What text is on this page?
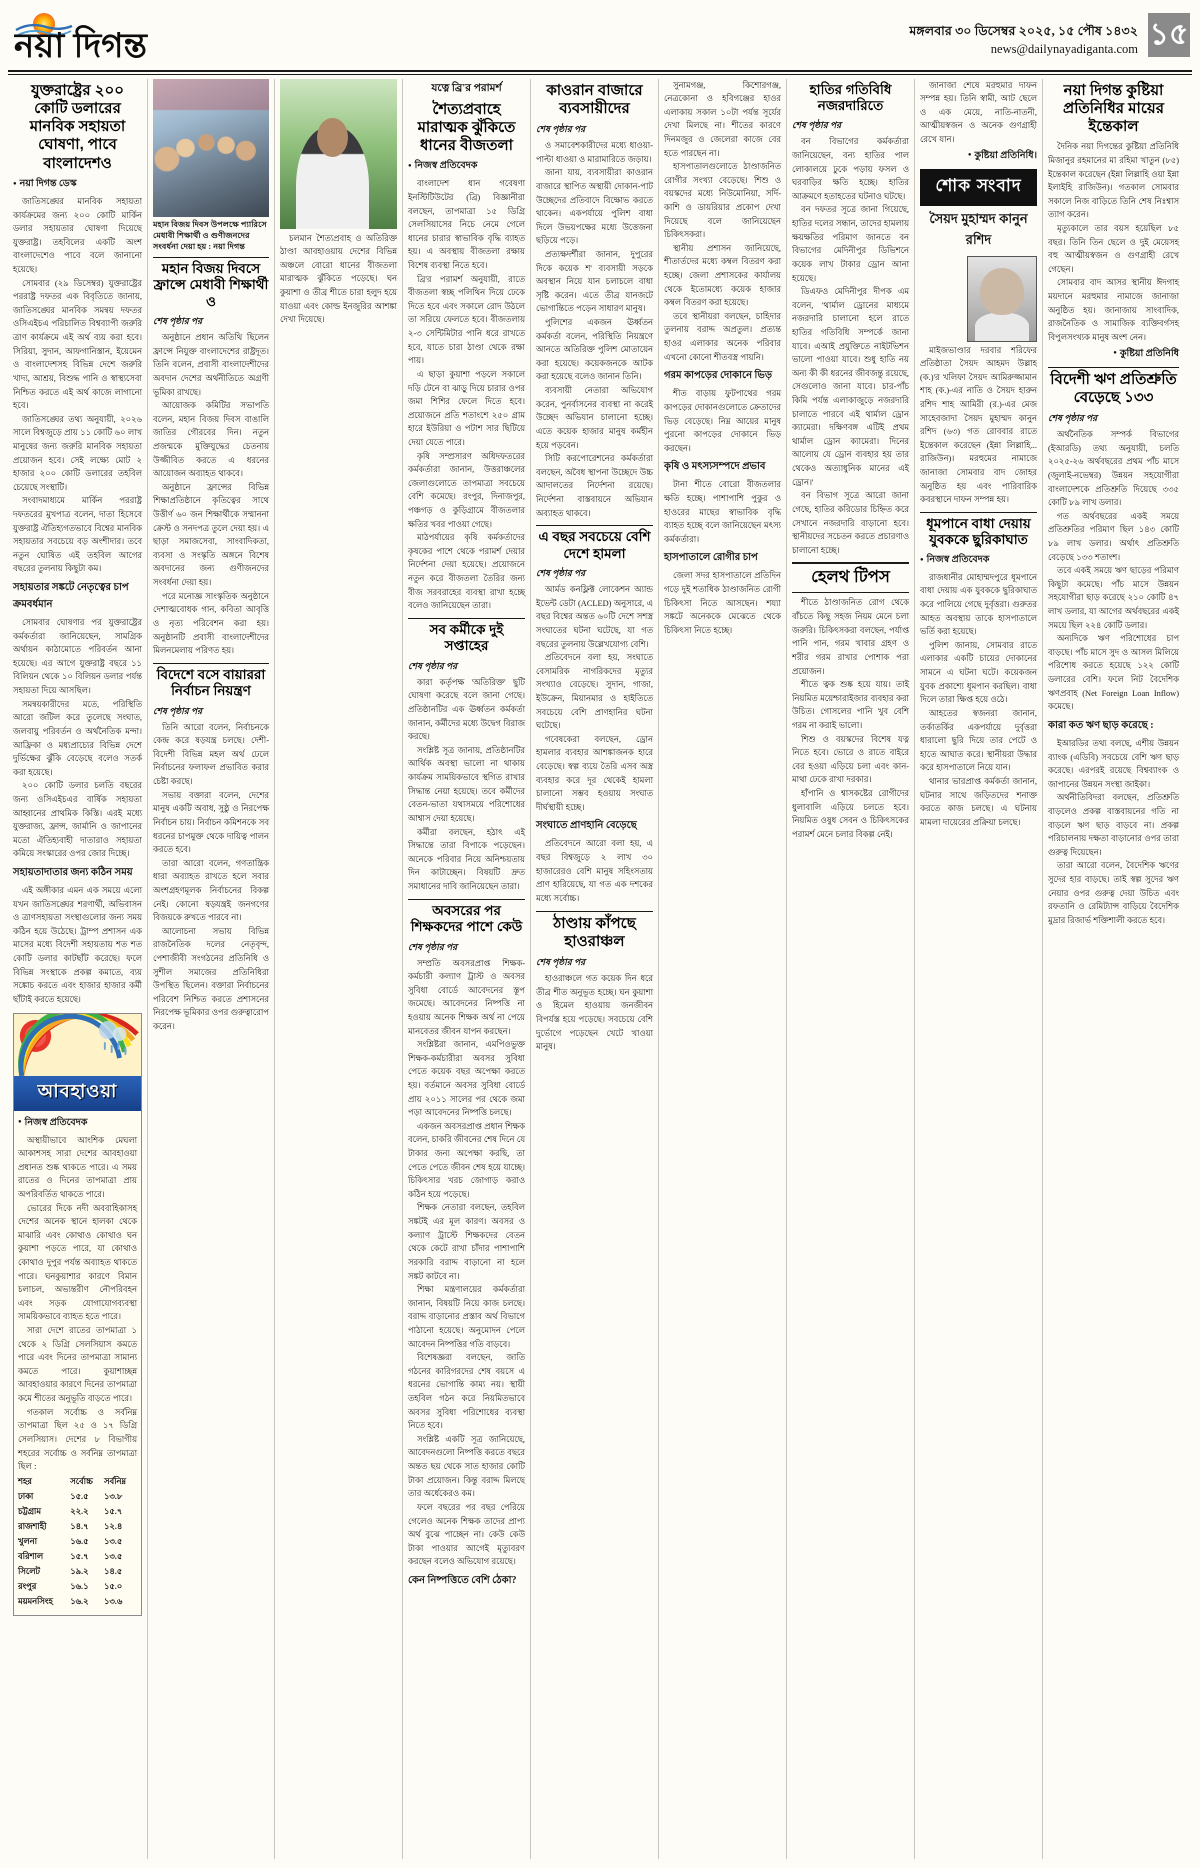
নয়া দিগন্ত	মঙ্গলবার ৩০ ডিসেম্বর ২০২৫, ১৫ পৌষ ১৪৩২
news@dailynayadiganta.com ১৫
যুক্তরাষ্ট্রের ২০০ কোটি ডলারের মানবিক সহায়তা ঘোষণা, পাবে বাংলাদেশও
● নয়া দিগন্ত ডেস্ক

জাতিসঙ্ঘের মানবিক সহায়তা কার্যক্রমের জন্য ২০০ কোটি মার্কিন ডলার সহায়তার ঘোষণা দিয়েছে যুক্তরাষ্ট্র। তহবিলের একটি অংশ বাংলাদেশেও পাবে বলে জানানো হয়েছে।

সোমবার (২৯ ডিসেম্বর) যুক্তরাষ্ট্রের পররাষ্ট্র দফতর এক বিবৃতিতে জানায়, জাতিসঙ্ঘের মানবিক সমন্বয় দফতর ওসিএইচএ পরিচালিত বিশ্বব্যাপী জরুরি ত্রাণ কার্যক্রমে এই অর্থ ব্যয় করা হবে। সিরিয়া, সুদান, আফগানিস্তান, ইয়েমেন ও বাংলাদেশসহ বিভিন্ন দেশে জরুরি খাদ্য, আশ্রয়, বিশুদ্ধ পানি ও স্বাস্থ্যসেবা নিশ্চিত করতে এই অর্থ কাজে লাগানো হবে।

জাতিসঙ্ঘের তথ্য অনুযায়ী, ২০২৬ সালে বিশ্বজুড়ে প্রায় ১১ কোটি ৬০ লাখ মানুষের জন্য জরুরি মানবিক সহায়তা প্রয়োজন হবে। সেই লক্ষ্যে মোট ২ হাজার ২০০ কোটি ডলারের তহবিল চেয়েছে সংস্থাটি।

সংবাদমাধ্যমে মার্কিন পররাষ্ট্র দফতরের মুখপাত্র বলেন, দাতা হিসেবে যুক্তরাষ্ট্র ঐতিহ্যগতভাবে বিশ্বের মানবিক সহায়তার সবচেয়ে বড় অংশীদার। তবে নতুন ঘোষিত এই তহবিল আগের বছরের তুলনায় কিছুটা কম।

সহায়তার সঙ্কটে নেতৃত্বের চাপ ক্রমবর্ধমান

সোমবার ঘোষণার পর যুক্তরাষ্ট্রের কর্মকর্তারা জানিয়েছেন, সামগ্রিক অর্থায়ন কাঠামোতে পরিবর্তন আনা হয়েছে। এর আগে যুক্তরাষ্ট্র বছরে ১১ বিলিয়ন থেকে ১০ বিলিয়ন ডলার পর্যন্ত সহায়তা দিয়ে আসছিল।

সমন্বয়কারীদের মতে, পরিস্থিতি আরো জটিল করে তুলেছে সংঘাত, জলবায়ু পরিবর্তন ও অর্থনৈতিক মন্দা। আফ্রিকা ও মধ্যপ্রাচ্যের বিভিন্ন দেশে দুর্ভিক্ষের ঝুঁকি বেড়েছে বলেও সতর্ক করা হয়েছে।

২০০ কোটি ডলার চলতি বছরের জন্য ওসিএইচএর বার্ষিক সহায়তা আহ্বানের প্রাথমিক কিস্তি। এরই মধ্যে যুক্তরাজ্য, ফ্রান্স, জার্মানি ও জাপানের মতো ঐতিহ্যবাহী দাতারাও সহায়তা কমিয়ে সংস্কারের ওপর জোর দিচ্ছে।

সহায়তাদাতার জন্য কঠিন সময়

এই অঙ্গীকার এমন এক সময়ে এলো যখন জাতিসঙ্ঘের শরণার্থী, অভিবাসন ও ত্রাণসহায়তা সংস্থাগুলোর জন্য সময় কঠিন হয়ে উঠেছে। ট্রাম্প প্রশাসন এক মাসের মধ্যে বিদেশী সহায়তায় শত শত কোটি ডলার কাটছাঁট করেছে। ফলে বিভিন্ন সংস্থাকে প্রকল্প কমাতে, ব্যয় সঙ্কোচ করতে এবং হাজার হাজার কর্মী ছাঁটাই করতে হয়েছে।

আবহাওয়া
● নিজস্ব প্রতিবেদক

অস্থায়ীভাবে আংশিক মেঘলা আকাশসহ সারা দেশের আবহাওয়া প্রধানত শুষ্ক থাকতে পারে। এ সময় রাতের ও দিনের তাপমাত্রা প্রায় অপরিবর্তিত থাকতে পারে।

ভোরের দিকে নদী অববাহিকাসহ দেশের অনেক স্থানে হালকা থেকে মাঝারি এবং কোথাও কোথাও ঘন কুয়াশা পড়তে পারে, যা কোথাও কোথাও দুপুর পর্যন্ত অব্যাহত থাকতে পারে। ঘনকুয়াশার কারণে বিমান চলাচল, অভ্যন্তরীণ নৌপরিবহন এবং সড়ক যোগাযোগব্যবস্থা সাময়িকভাবে ব্যাহত হতে পারে।

সারা দেশে রাতের তাপমাত্রা ১ থেকে ২ ডিগ্রি সেলসিয়াস কমতে পারে এবং দিনের তাপমাত্রা সামান্য কমতে পারে। কুয়াশাচ্ছন্ন আবহাওয়ার কারণে দিনের তাপমাত্রা কমে শীতের অনুভূতি বাড়তে পারে।

গতকাল সর্বোচ্চ ও সর্বনিম্ন তাপমাত্রা ছিল ২৫ ও ১৭ ডিগ্রি সেলসিয়াস। দেশের ৮ বিভাগীয় শহরের সর্বোচ্চ ও সর্বনিম্ন তাপমাত্রা ছিল :

শহর	সর্বোচ্চ	সর্বনিম্ন
ঢাকা	১৫.৫	১৩.৮
চট্টগ্রাম	২২.২	১৫.৭
রাজশাহী	১৪.৭	১২.৪
খুলনা	১৬.৫	১৩.৫
বরিশাল	১৫.৭	১৩.৫
সিলেট	১৯.২	১৪.৫
রংপুর	১৬.১	১৫.০
ময়মনসিংহ	১৬.২	১৩.৬
মহান বিজয় দিবস উপলক্ষে প্যারিসে মেধাবী শিক্ষার্থী ও গুণীজনদের সংবর্ধনা দেয়া হয় : নয়া দিগন্ত
মহান বিজয় দিবসে ফ্রান্সে মেধাবী শিক্ষার্থী ও
শেষ পৃষ্ঠার পর

অনুষ্ঠানে প্রধান অতিথি ছিলেন ফ্রান্সে নিযুক্ত বাংলাদেশের রাষ্ট্রদূত। তিনি বলেন, প্রবাসী বাংলাদেশীদের অবদান দেশের অর্থনীতিতে অগ্রণী ভূমিকা রাখছে।

আয়োজক কমিটির সভাপতি বলেন, মহান বিজয় দিবস বাঙালি জাতির গৌরবের দিন। নতুন প্রজন্মকে মুক্তিযুদ্ধের চেতনায় উজ্জীবিত করতে এ ধরনের আয়োজন অব্যাহত থাকবে।

অনুষ্ঠানে ফ্রান্সের বিভিন্ন শিক্ষাপ্রতিষ্ঠানে কৃতিত্বের সাথে উত্তীর্ণ ৬০ জন শিক্ষার্থীকে সম্মাননা ক্রেস্ট ও সনদপত্র তুলে দেয়া হয়। এ ছাড়া সমাজসেবা, সাংবাদিকতা, ব্যবসা ও সংস্কৃতি অঙ্গনে বিশেষ অবদানের জন্য গুণীজনদের সংবর্ধনা দেয়া হয়।

পরে মনোজ্ঞ সাংস্কৃতিক অনুষ্ঠানে দেশাত্মবোধক গান, কবিতা আবৃত্তি ও নৃত্য পরিবেশন করা হয়। অনুষ্ঠানটি প্রবাসী বাংলাদেশীদের মিলনমেলায় পরিণত হয়।

বিদেশে বসে বায়াররা নির্বাচন নিয়ন্ত্রণ
শেষ পৃষ্ঠার পর

তিনি আরো বলেন, নির্বাচনকে কেন্দ্র করে ষড়যন্ত্র চলছে। দেশী-বিদেশী বিভিন্ন মহল অর্থ ঢেলে নির্বাচনের ফলাফল প্রভাবিত করার চেষ্টা করছে।

সভায় বক্তারা বলেন, দেশের মানুষ একটি অবাধ, সুষ্ঠু ও নিরপেক্ষ নির্বাচন চায়। নির্বাচন কমিশনকে সব ধরনের চাপমুক্ত থেকে দায়িত্ব পালন করতে হবে।

তারা আরো বলেন, গণতান্ত্রিক ধারা অব্যাহত রাখতে হলে সবার অংশগ্রহণমূলক নির্বাচনের বিকল্প নেই। কোনো ষড়যন্ত্রই জনগণের বিজয়কে রুখতে পারবে না।

আলোচনা সভায় বিভিন্ন রাজনৈতিক দলের নেতৃবৃন্দ, পেশাজীবী সংগঠনের প্রতিনিধি ও সুশীল সমাজের প্রতিনিধিরা উপস্থিত ছিলেন। বক্তারা নির্বাচনের পরিবেশ নিশ্চিত করতে প্রশাসনের নিরপেক্ষ ভূমিকার ওপর গুরুত্বারোপ করেন।

চলমান শৈত্যপ্রবাহ ও অতিরিক্ত ঠাণ্ডা আবহাওয়ায় দেশের বিভিন্ন অঞ্চলে বোরো ধানের বীজতলা মারাত্মক ঝুঁকিতে পড়েছে। ঘন কুয়াশা ও তীব্র শীতে চারা হলুদ হয়ে যাওয়া এবং কোল্ড ইনজুরির আশঙ্কা দেখা দিয়েছে।

যত্নে ব্রি'র পরামর্শ
শৈত্যপ্রবাহে মারাত্মক ঝুঁকিতে ধানের বীজতলা
● নিজস্ব প্রতিবেদক

বাংলাদেশ ধান গবেষণা ইনস্টিটিউটের (ব্রি) বিজ্ঞানীরা বলছেন, তাপমাত্রা ১৫ ডিগ্রি সেলসিয়াসের নিচে নেমে গেলে ধানের চারার স্বাভাবিক বৃদ্ধি ব্যাহত হয়। এ অবস্থায় বীজতলা রক্ষায় বিশেষ ব্যবস্থা নিতে হবে।

ব্রি'র পরামর্শ অনুযায়ী, রাতে বীজতলা স্বচ্ছ পলিথিন দিয়ে ঢেকে দিতে হবে এবং সকালে রোদ উঠলে তা সরিয়ে ফেলতে হবে। বীজতলায় ২-৩ সেন্টিমিটার পানি ধরে রাখতে হবে, যাতে চারা ঠাণ্ডা থেকে রক্ষা পায়।

এ ছাড়া কুয়াশা পড়লে সকালে দড়ি টেনে বা ঝাড়ু দিয়ে চারার ওপর জমা শিশির ফেলে দিতে হবে। প্রয়োজনে প্রতি শতাংশে ২৫০ গ্রাম হারে ইউরিয়া ও পটাশ সার ছিটিয়ে দেয়া যেতে পারে।

কৃষি সম্প্রসারণ অধিদফতরের কর্মকর্তারা জানান, উত্তরাঞ্চলের জেলাগুলোতে তাপমাত্রা সবচেয়ে বেশি কমেছে। রংপুর, দিনাজপুর, পঞ্চগড় ও কুড়িগ্রামে বীজতলার ক্ষতির খবর পাওয়া গেছে।

মাঠপর্যায়ের কৃষি কর্মকর্তাদের কৃষকের পাশে থেকে পরামর্শ দেয়ার নির্দেশনা দেয়া হয়েছে। প্রয়োজনে নতুন করে বীজতলা তৈরির জন্য বীজ সরবরাহের ব্যবস্থা রাখা হচ্ছে বলেও জানিয়েছেন তারা।

সব কর্মীকে দুই সপ্তাহের
শেষ পৃষ্ঠার পর

কারা কর্তৃপক্ষ 'অতিরিক্ত' ছুটি ঘোষণা করেছে বলে জানা গেছে। প্রতিষ্ঠানটির এক ঊর্ধ্বতন কর্মকর্তা জানান, কর্মীদের মধ্যে উদ্বেগ বিরাজ করছে।

সংশ্লিষ্ট সূত্র জানায়, প্রতিষ্ঠানটির আর্থিক অবস্থা ভালো না থাকায় কার্যক্রম সাময়িকভাবে স্থগিত রাখার সিদ্ধান্ত নেয়া হয়েছে। তবে কর্মীদের বেতন-ভাতা যথাসময়ে পরিশোধের আশ্বাস দেয়া হয়েছে।

কর্মীরা বলছেন, হঠাৎ এই সিদ্ধান্তে তারা বিপাকে পড়েছেন। অনেকে পরিবার নিয়ে অনিশ্চয়তায় দিন কাটাচ্ছেন। বিষয়টি দ্রুত সমাধানের দাবি জানিয়েছেন তারা।

অবসরের পর শিক্ষকদের পাশে কেউ
শেষ পৃষ্ঠার পর

সম্প্রতি অবসরপ্রাপ্ত শিক্ষক-কর্মচারী কল্যাণ ট্রাস্ট ও অবসর সুবিধা বোর্ডে আবেদনের স্তূপ জমেছে। আবেদনের নিষ্পত্তি না হওয়ায় অনেক শিক্ষক অর্থ না পেয়ে মানবেতর জীবন যাপন করছেন।

সংশ্লিষ্টরা জানান, এমপিওভুক্ত শিক্ষক-কর্মচারীরা অবসর সুবিধা পেতে কয়েক বছর অপেক্ষা করতে হয়। বর্তমানে অবসর সুবিধা বোর্ডে প্রায় ২০১১ সালের পর থেকে জমা পড়া আবেদনের নিষ্পত্তি চলছে।

একজন অবসরপ্রাপ্ত প্রধান শিক্ষক বলেন, চাকরি জীবনের শেষ দিনে যে টাকার জন্য অপেক্ষা করছি, তা পেতে পেতে জীবন শেষ হয়ে যাচ্ছে। চিকিৎসার খরচ জোগাড় করাও কঠিন হয়ে পড়েছে।

শিক্ষক নেতারা বলছেন, তহবিল সঙ্কটই এর মূল কারণ। অবসর ও কল্যাণ ট্রাস্টে শিক্ষকদের বেতন থেকে কেটে রাখা চাঁদার পাশাপাশি সরকারি বরাদ্দ বাড়ানো না হলে সঙ্কট কাটবে না।

শিক্ষা মন্ত্রণালয়ের কর্মকর্তারা জানান, বিষয়টি নিয়ে কাজ চলছে। বরাদ্দ বাড়ানোর প্রস্তাব অর্থ বিভাগে পাঠানো হয়েছে। অনুমোদন পেলে আবেদন নিষ্পত্তির গতি বাড়বে।

বিশেষজ্ঞরা বলছেন, জাতি গঠনের কারিগরদের শেষ বয়সে এ ধরনের ভোগান্তি কাম্য নয়। স্থায়ী তহবিল গঠন করে নিয়মিতভাবে অবসর সুবিধা পরিশোধের ব্যবস্থা নিতে হবে।

সংশ্লিষ্ট একটি সূত্র জানিয়েছে, আবেদনগুলো নিষ্পত্তি করতে বছরে অন্তত ছয় থেকে সাত হাজার কোটি টাকা প্রয়োজন। কিন্তু বরাদ্দ মিলছে তার অর্ধেকেরও কম।

ফলে বছরের পর বছর পেরিয়ে গেলেও অনেক শিক্ষক তাদের প্রাপ্য অর্থ বুঝে পাচ্ছেন না। কেউ কেউ টাকা পাওয়ার আগেই মৃত্যুবরণ করছেন বলেও অভিযোগ রয়েছে।

কেন নিষ্পত্তিতে বেশি ঠেকা?
কাওরান বাজারে ব্যবসায়ীদের
শেষ পৃষ্ঠার পর

ও সমাবেশকারীদের মধ্যে ধাওয়া-পাল্টা ধাওয়া ও মারামারিতে জড়ায়।

জানা যায়, ব্যবসায়ীরা কাওরান বাজারে স্থাপিত অস্থায়ী দোকান-পাট উচ্ছেদের প্রতিবাদে বিক্ষোভ করতে থাকেন। একপর্যায়ে পুলিশ বাধা দিলে উভয়পক্ষের মধ্যে উত্তেজনা ছড়িয়ে পড়ে।

প্রত্যক্ষদর্শীরা জানান, দুপুরের দিকে কয়েক শ' ব্যবসায়ী সড়কে অবস্থান নিয়ে যান চলাচলে বাধা সৃষ্টি করেন। এতে তীব্র যানজটে ভোগান্তিতে পড়েন সাধারণ মানুষ।

পুলিশের একজন ঊর্ধ্বতন কর্মকর্তা বলেন, পরিস্থিতি নিয়ন্ত্রণে আনতে অতিরিক্ত পুলিশ মোতায়েন করা হয়েছে। কয়েকজনকে আটক করা হয়েছে বলেও জানান তিনি।

ব্যবসায়ী নেতারা অভিযোগ করেন, পুনর্বাসনের ব্যবস্থা না করেই উচ্ছেদ অভিযান চালানো হচ্ছে। এতে কয়েক হাজার মানুষ কর্মহীন হয়ে পড়বেন।

সিটি করপোরেশনের কর্মকর্তারা বলছেন, অবৈধ স্থাপনা উচ্ছেদে উচ্চ আদালতের নির্দেশনা রয়েছে। নির্দেশনা বাস্তবায়নে অভিযান অব্যাহত থাকবে।

এ বছর সবচেয়ে বেশি দেশে হামলা
শেষ পৃষ্ঠার পর

আর্মড কনফ্লিক্ট লোকেশন অ্যান্ড ইভেন্ট ডেটা (ACLED) অনুসারে, এ বছর বিশ্বের অন্তত ৬০টি দেশে সশস্ত্র সংঘাতের ঘটনা ঘটেছে, যা গত বছরের তুলনায় উল্লেখযোগ্য বেশি।

প্রতিবেদনে বলা হয়, সংঘাতে বেসামরিক নাগরিকদের মৃত্যুর সংখ্যাও বেড়েছে। সুদান, গাজা, ইউক্রেন, মিয়ানমার ও হাইতিতে সবচেয়ে বেশি প্রাণহানির ঘটনা ঘটেছে।

গবেষকেরা বলছেন, ড্রোন হামলার ব্যবহার আশঙ্কাজনক হারে বেড়েছে। স্বল্প ব্যয়ে তৈরি এসব অস্ত্র ব্যবহার করে দূর থেকেই হামলা চালানো সম্ভব হওয়ায় সংঘাত দীর্ঘস্থায়ী হচ্ছে।

সংঘাতে প্রাণহানি বেড়েছে

প্রতিবেদনে আরো বলা হয়, এ বছর বিশ্বজুড়ে ২ লাখ ৩০ হাজারেরও বেশি মানুষ সহিংসতায় প্রাণ হারিয়েছে, যা গত এক দশকের মধ্যে সর্বোচ্চ।

ঠাণ্ডায় কাঁপছে হাওরাঞ্চল
শেষ পৃষ্ঠার পর

হাওরাঞ্চলে গত কয়েক দিন ধরে তীব্র শীত অনুভূত হচ্ছে। ঘন কুয়াশা ও হিমেল হাওয়ায় জনজীবন বিপর্যস্ত হয়ে পড়েছে। সবচেয়ে বেশি দুর্ভোগে পড়েছেন খেটে খাওয়া মানুষ।

সুনামগঞ্জ, কিশোরগঞ্জ, নেত্রকোনা ও হবিগঞ্জের হাওর এলাকায় সকাল ১০টা পর্যন্ত সূর্যের দেখা মিলছে না। শীতের কারণে দিনমজুর ও জেলেরা কাজে বের হতে পারছেন না।

হাসপাতালগুলোতে ঠাণ্ডাজনিত রোগীর সংখ্যা বেড়েছে। শিশু ও বয়স্কদের মধ্যে নিউমোনিয়া, সর্দি-কাশি ও ডায়রিয়ার প্রকোপ দেখা দিয়েছে বলে জানিয়েছেন চিকিৎসকরা।

স্থানীয় প্রশাসন জানিয়েছে, শীতার্তদের মধ্যে কম্বল বিতরণ করা হচ্ছে। জেলা প্রশাসকের কার্যালয় থেকে ইতোমধ্যে কয়েক হাজার কম্বল বিতরণ করা হয়েছে।

তবে স্থানীয়রা বলছেন, চাহিদার তুলনায় বরাদ্দ অপ্রতুল। প্রত্যন্ত হাওর এলাকার অনেক পরিবার এখনো কোনো শীতবস্ত্র পায়নি।

গরম কাপড়ের দোকানে ভিড়

শীত বাড়ায় ফুটপাথের গরম কাপড়ের দোকানগুলোতে ক্রেতাদের ভিড় বেড়েছে। নিম্ন আয়ের মানুষ পুরনো কাপড়ের দোকানে ভিড় করছেন।

কৃষি ও মৎস্যসম্পদে প্রভাব

টানা শীতে বোরো বীজতলার ক্ষতি হচ্ছে। পাশাপাশি পুকুর ও হাওরের মাছের স্বাভাবিক বৃদ্ধি ব্যাহত হচ্ছে বলে জানিয়েছেন মৎস্য কর্মকর্তারা।

হাসপাতালে রোগীর চাপ

জেলা সদর হাসপাতালে প্রতিদিন গড়ে দুই শতাধিক ঠাণ্ডাজনিত রোগী চিকিৎসা নিতে আসছেন। শয্যা সঙ্কটে অনেককে মেঝেতে থেকে চিকিৎসা নিতে হচ্ছে।

হাতির গতিবিধি নজরদারিতে
শেষ পৃষ্ঠার পর

বন বিভাগের কর্মকর্তারা জানিয়েছেন, বন্য হাতির পাল লোকালয়ে ঢুকে পড়ায় ফসল ও ঘরবাড়ির ক্ষতি হচ্ছে। হাতির আক্রমণে হতাহতের ঘটনাও ঘটছে।

বন দফতর সূত্রে জানা গিয়েছে, হাতির দলের সন্ধান, তাদের হামলায় ক্ষয়ক্ষতির পরিমাণ জানতে বন বিভাগের মেদিনীপুর ডিভিশনে কয়েক লাখ টাকার ড্রোন আনা হয়েছে।

ডিএফও মেদিনীপুর দীপক এম বলেন, 'থার্মাল ড্রোনের মাধ্যমে নজরদারি চালানো হলে রাতে হাতির গতিবিধি সম্পর্কে জানা যাবে। এআই প্রযুক্তিতে নাইটভিশন ভালো পাওয়া যাবে। শুধু হাতি নয় অন্য কী কী ধরনের জীবজন্তু রয়েছে, সেগুলোও জানা যাবে। চার-পাঁচ কিমি পর্যন্ত এলাকাজুড়ে নজরদারি চালাতে পারবে এই থার্মাল ড্রোন ক্যামেরা। দক্ষিণবঙ্গ এটিই প্রথম থার্মাল ড্রোন ক্যামেরা। দিনের আলোয় যে ড্রোন ব্যবহার হয় তার থেকেও অত্যাধুনিক মানের এই ড্রোন।'

বন বিভাগ সূত্রে আরো জানা গেছে, হাতির করিডোর চিহ্নিত করে সেখানে নজরদারি বাড়ানো হবে। স্থানীয়দের সচেতন করতে প্রচারণাও চালানো হচ্ছে।

হেলথ টিপস

শীতে ঠাণ্ডাজনিত রোগ থেকে বাঁচতে কিছু সহজ নিয়ম মেনে চলা জরুরি। চিকিৎসকরা বলছেন, পর্যাপ্ত পানি পান, গরম খাবার গ্রহণ ও শরীর গরম রাখার পোশাক পরা প্রয়োজন।

শীতে ত্বক শুষ্ক হয়ে যায়। তাই নিয়মিত ময়েশ্চারাইজার ব্যবহার করা উচিত। গোসলের পানি খুব বেশি গরম না করাই ভালো।

শিশু ও বয়স্কদের বিশেষ যত্ন নিতে হবে। ভোরে ও রাতে বাইরে বের হওয়া এড়িয়ে চলা এবং কান-মাথা ঢেকে রাখা দরকার।

হাঁপানি ও শ্বাসকষ্টের রোগীদের ধুলাবালি এড়িয়ে চলতে হবে। নিয়মিত ওষুধ সেবন ও চিকিৎসকের পরামর্শ মেনে চলার বিকল্প নেই।

জানাজা শেষে মরহুমার দাফন সম্পন্ন হয়। তিনি স্বামী, আট ছেলে ও এক মেয়ে, নাতি-নাতনী, আত্মীয়স্বজন ও অনেক গুণগ্রাহী রেখে যান।

● কুষ্টিয়া প্রতিনিধি।
শোক সংবাদ
সৈয়দ মুহাম্মদ কানুন রশিদ

মাইজভাণ্ডার দরবার শরিফের প্রতিষ্ঠাতা সৈয়দ আহমদ উল্লাহ (ক.)'র খলিফা সৈয়দ আমিরুজ্জামান শাহ (ক.)-এর নাতি ও সৈয়দ হারুন রশিদ শাহ আমিরী (র.)-এর মেজ সাহেবজাদা সৈয়দ মুহাম্মদ কানুন রশিদ (৬৩) গত রোববার রাতে ইন্তেকাল করেছেন (ইন্না লিল্লাহি... রাজিউন)। মরহুমের নামাজে জানাজা সোমবার বাদ জোহর অনুষ্ঠিত হয় এবং পারিবারিক কবরস্থানে দাফন সম্পন্ন হয়।

ধূমপানে বাধা দেয়ায় যুবককে ছুরিকাঘাত
● নিজস্ব প্রতিবেদক

রাজধানীর মোহাম্মদপুরে ধূমপানে বাধা দেয়ায় এক যুবককে ছুরিকাঘাত করে পালিয়ে গেছে দুর্বৃত্তরা। গুরুতর আহত অবস্থায় তাকে হাসপাতালে ভর্তি করা হয়েছে।

পুলিশ জানায়, সোমবার রাতে এলাকার একটি চায়ের দোকানের সামনে এ ঘটনা ঘটে। কয়েকজন যুবক প্রকাশ্যে ধূমপান করছিল। বাধা দিলে তারা ক্ষিপ্ত হয়ে ওঠে।

আহতের স্বজনরা জানান, তর্কাতর্কির একপর্যায়ে দুর্বৃত্তরা ধারালো ছুরি দিয়ে তার পেটে ও হাতে আঘাত করে। স্থানীয়রা উদ্ধার করে হাসপাতালে নিয়ে যান।

থানার ভারপ্রাপ্ত কর্মকর্তা জানান, ঘটনার সাথে জড়িতদের শনাক্ত করতে কাজ চলছে। এ ঘটনায় মামলা দায়েরের প্রক্রিয়া চলছে।

নয়া দিগন্ত কুষ্টিয়া প্রতিনিধির মায়ের ইন্তেকাল

দৈনিক নয়া দিগন্তের কুষ্টিয়া প্রতিনিধি মিজানুর রহমানের মা রহিমা খাতুন (৮৫) ইন্তেকাল করেছেন (ইন্না লিল্লাহি ওয়া ইন্না ইলাইহি রাজিউন)। গতকাল সোমবার সকালে নিজ বাড়িতে তিনি শেষ নিঃশ্বাস ত্যাগ করেন।

মৃত্যুকালে তার বয়স হয়েছিল ৮৫ বছর। তিনি তিন ছেলে ও দুই মেয়েসহ বহু আত্মীয়স্বজন ও গুণগ্রাহী রেখে গেছেন।

সোমবার বাদ আসর স্থানীয় ঈদগাহ ময়দানে মরহুমার নামাজে জানাজা অনুষ্ঠিত হয়। জানাজায় সাংবাদিক, রাজনৈতিক ও সামাজিক ব্যক্তিবর্গসহ বিপুলসংখ্যক মানুষ অংশ নেন।

● কুষ্টিয়া প্রতিনিধি
বিদেশী ঋণ প্রতিশ্রুতি বেড়েছে ১৩৩
শেষ পৃষ্ঠার পর

অর্থনৈতিক সম্পর্ক বিভাগের (ইআরডি) তথ্য অনুযায়ী, চলতি ২০২৫-২৬ অর্থবছরের প্রথম পাঁচ মাসে (জুলাই-নভেম্বর) উন্নয়ন সহযোগীরা বাংলাদেশকে প্রতিশ্রুতি দিয়েছে ৩৩৫ কোটি ৮৯ লাখ ডলার।

গত অর্থবছরের একই সময়ে প্রতিশ্রুতির পরিমাণ ছিল ১৪৩ কোটি ৮৯ লাখ ডলার। অর্থাৎ প্রতিশ্রুতি বেড়েছে ১৩৩ শতাংশ।

তবে একই সময়ে ঋণ ছাড়ের পরিমাণ কিছুটা কমেছে। পাঁচ মাসে উন্নয়ন সহযোগীরা ছাড় করেছে ২১০ কোটি ৪৭ লাখ ডলার, যা আগের অর্থবছরের একই সময়ে ছিল ২২৪ কোটি ডলার।

অন্যদিকে ঋণ পরিশোধের চাপ বাড়ছে। পাঁচ মাসে সুদ ও আসল মিলিয়ে পরিশোধ করতে হয়েছে ১২২ কোটি ডলারের বেশি। ফলে নিট বৈদেশিক ঋণপ্রবাহ (Net Foreign Loan Inflow) কমেছে।

কারা কত ঋণ ছাড় করেছে :

ইআরডির তথ্য বলছে, এশীয় উন্নয়ন ব্যাংক (এডিবি) সবচেয়ে বেশি ঋণ ছাড় করেছে। এরপরই রয়েছে বিশ্বব্যাংক ও জাপানের উন্নয়ন সংস্থা জাইকা।

অর্থনীতিবিদরা বলছেন, প্রতিশ্রুতি বাড়লেও প্রকল্প বাস্তবায়নের গতি না বাড়লে ঋণ ছাড় বাড়বে না। প্রকল্প পরিচালনায় দক্ষতা বাড়ানোর ওপর তারা গুরুত্ব দিয়েছেন।

তারা আরো বলেন, বৈদেশিক ঋণের সুদের হার বাড়ছে। তাই স্বল্প সুদের ঋণ নেয়ার ওপর গুরুত্ব দেয়া উচিত এবং রফতানি ও রেমিট্যান্স বাড়িয়ে বৈদেশিক মুদ্রার রিজার্ভ শক্তিশালী করতে হবে।
